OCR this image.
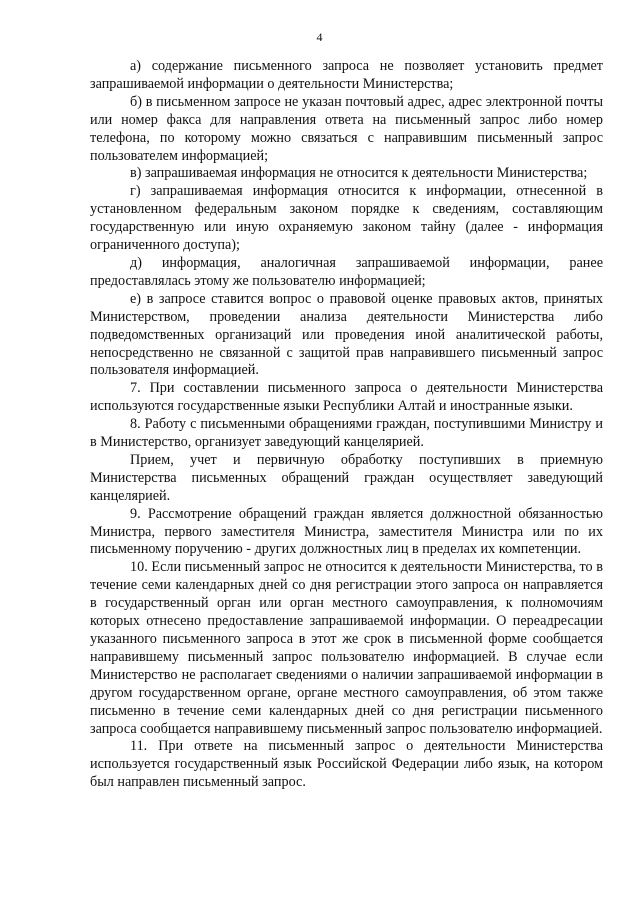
4

а) содержание письменного запроса не позволяет установить предмет запрашиваемой информации о деятельности Министерства;

б) в письменном запросе не указан почтовый адрес, адрес электронной почты или номер факса для направления ответа на письменный запрос либо номер телефона, по которому можно связаться с направившим письменный запрос пользователем информацией;

в) запрашиваемая информация не относится к деятельности Министерства;

г) запрашиваемая информация относится к информации, отнесенной в установленном федеральным законом порядке к сведениям, составляющим государственную или иную охраняемую законом тайну (далее - информация ограниченного доступа);

д) информация, аналогичная запрашиваемой информации, ранее предоставлялась этому же пользователю информацией;

е) в запросе ставится вопрос о правовой оценке правовых актов, принятых Министерством, проведении анализа деятельности Министерства либо подведомственных организаций или проведения иной аналитической работы, непосредственно не связанной с защитой прав направившего письменный запрос пользователя информацией.

7. При составлении письменного запроса о деятельности Министерства используются государственные языки Республики Алтай и иностранные языки.

8. Работу с письменными обращениями граждан, поступившими Министру и в Министерство, организует заведующий канцелярией.

Прием, учет и первичную обработку поступивших в приемную Министерства письменных обращений граждан осуществляет заведующий канцелярией.

9. Рассмотрение обращений граждан является должностной обязанностью Министра, первого заместителя Министра, заместителя Министра или по их письменному поручению - других должностных лиц в пределах их компетенции.

10. Если письменный запрос не относится к деятельности Министерства, то в течение семи календарных дней со дня регистрации этого запроса он направляется в государственный орган или орган местного самоуправления, к полномочиям которых отнесено предоставление запрашиваемой информации. О переадресации указанного письменного запроса в этот же срок в письменной форме сообщается направившему письменный запрос пользователю информацией. В случае если Министерство не располагает сведениями о наличии запрашиваемой информации в другом государственном органе, органе местного самоуправления, об этом также письменно в течение семи календарных дней со дня регистрации письменного запроса сообщается направившему письменный запрос пользователю информацией.

11. При ответе на письменный запрос о деятельности Министерства используется государственный язык Российской Федерации либо язык, на котором был направлен письменный запрос.
